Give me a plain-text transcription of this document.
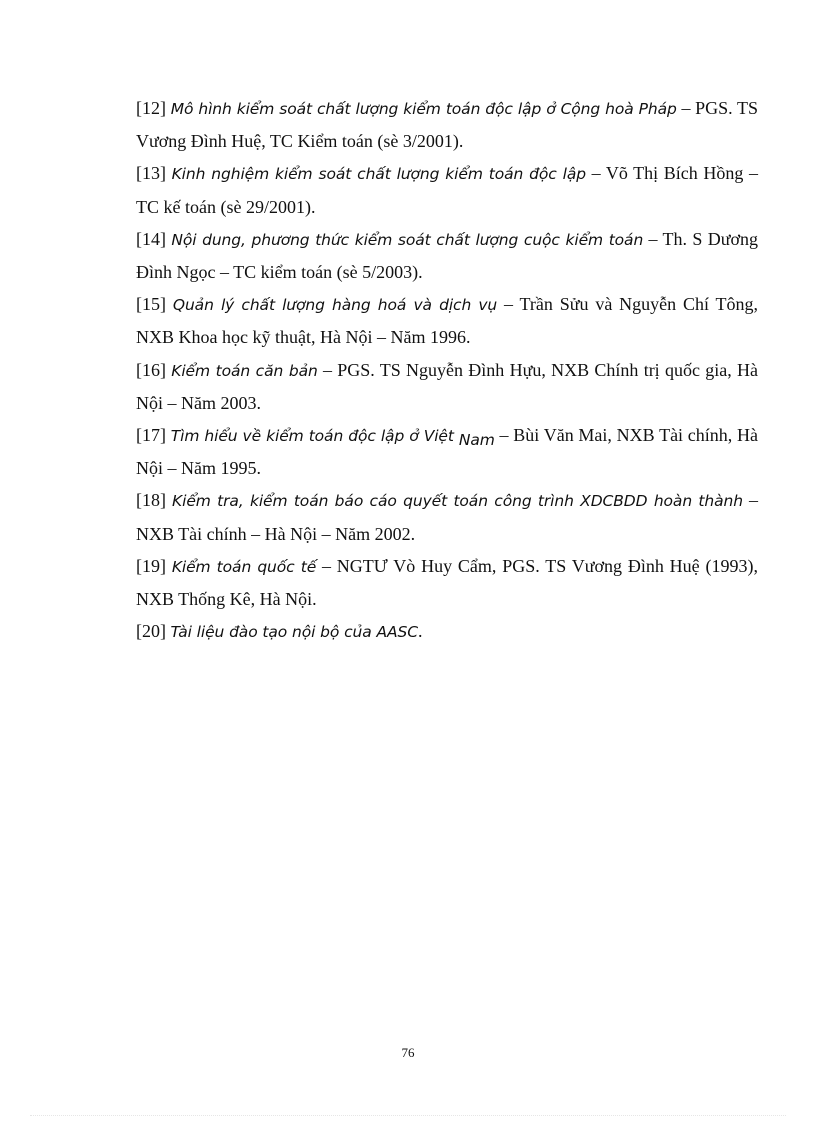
[12] Mô hình kiểm soát chất lượng kiểm toán độc lập ở Cộng hoà Pháp – PGS. TS Vương Đình Huệ, TC Kiểm toán (sè 3/2001).
[13] Kinh nghiệm kiểm soát chất lượng kiểm toán độc lập – Võ Thị Bích Hồng – TC kế toán (sè 29/2001).
[14] Nội dung, phương thức kiểm soát chất lượng cuộc kiểm toán – Th. S Dương Đình Ngọc – TC kiểm toán (sè 5/2003).
[15] Quản lý chất lượng hàng hoá và dịch vụ – Trần Sửu và Nguyễn Chí Tông, NXB Khoa học kỹ thuật, Hà Nội – Năm 1996.
[16] Kiểm toán căn bản – PGS. TS Nguyễn Đình Hựu, NXB Chính trị quốc gia, Hà Nội – Năm 2003.
[17] Tìm hiểu về kiểm toán độc lập ở Việt Nam – Bùi Văn Mai, NXB Tài chính, Hà Nội – Năm 1995.
[18] Kiểm tra, kiểm toán báo cáo quyết toán công trình XDCBDD hoàn thành – NXB Tài chính – Hà Nội – Năm 2002.
[19] Kiểm toán quốc tế – NGTƯ Vò Huy Cẩm, PGS. TS Vương Đình Huệ (1993), NXB Thống Kê, Hà Nội.
[20] Tài liệu đào tạo nội bộ của AASC.
76
